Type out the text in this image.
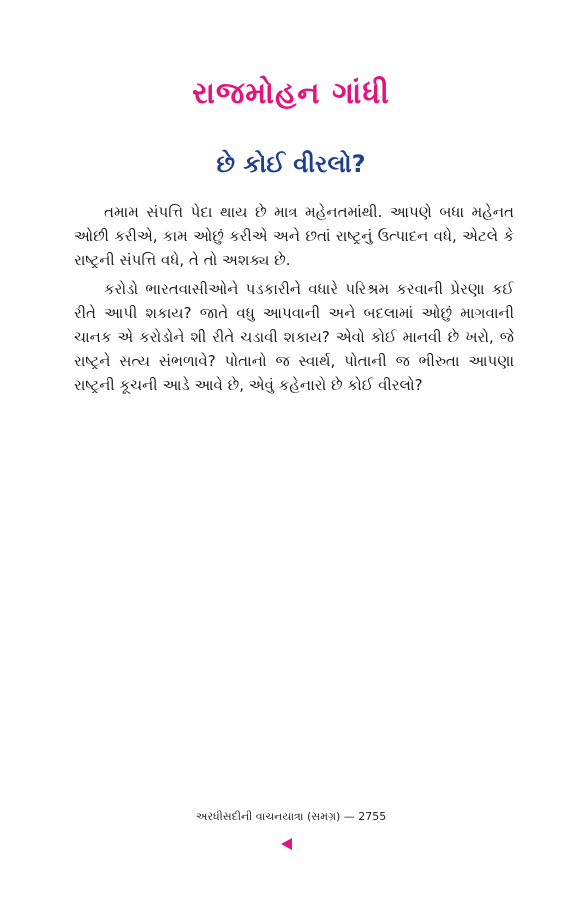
રાજમોહન ગાંધી
છે કોઈ વીરલો?

તમામ સંપત્તિ પેદા થાય છે માત્ર મહેનતમાંથી. આપણે બધા મહેનત ઓછી કરીએ, કામ ઓછું કરીએ અને છતાં રાષ્ટ્રનું ઉત્પાદન વધે, એટલે કે રાષ્ટ્રની સંપત્તિ વધે, તે તો અશક્ય છે.

કરોડો ભારતવાસીઓને પડકારીને વધારે પરિશ્રમ કરવાની પ્રેરણા કઈ રીતે આપી શકાય? જાતે વધુ આપવાની અને બદલામાં ઓછું માગવાની ચાનક એ કરોડોને શી રીતે ચડાવી શકાય? એવો કોઈ માનવી છે ખરો, જે રાષ્ટ્રને સત્ય સંભળાવે? પોતાનો જ સ્વાર્થ, પોતાની જ ભીરુતા આપણા રાષ્ટ્રની કૂચની આડે આવે છે, એવું કહેનારો છે કોઈ વીરલો?

અરધીસદીની વાચનયાત્રા (સમગ્ર) — 2755
